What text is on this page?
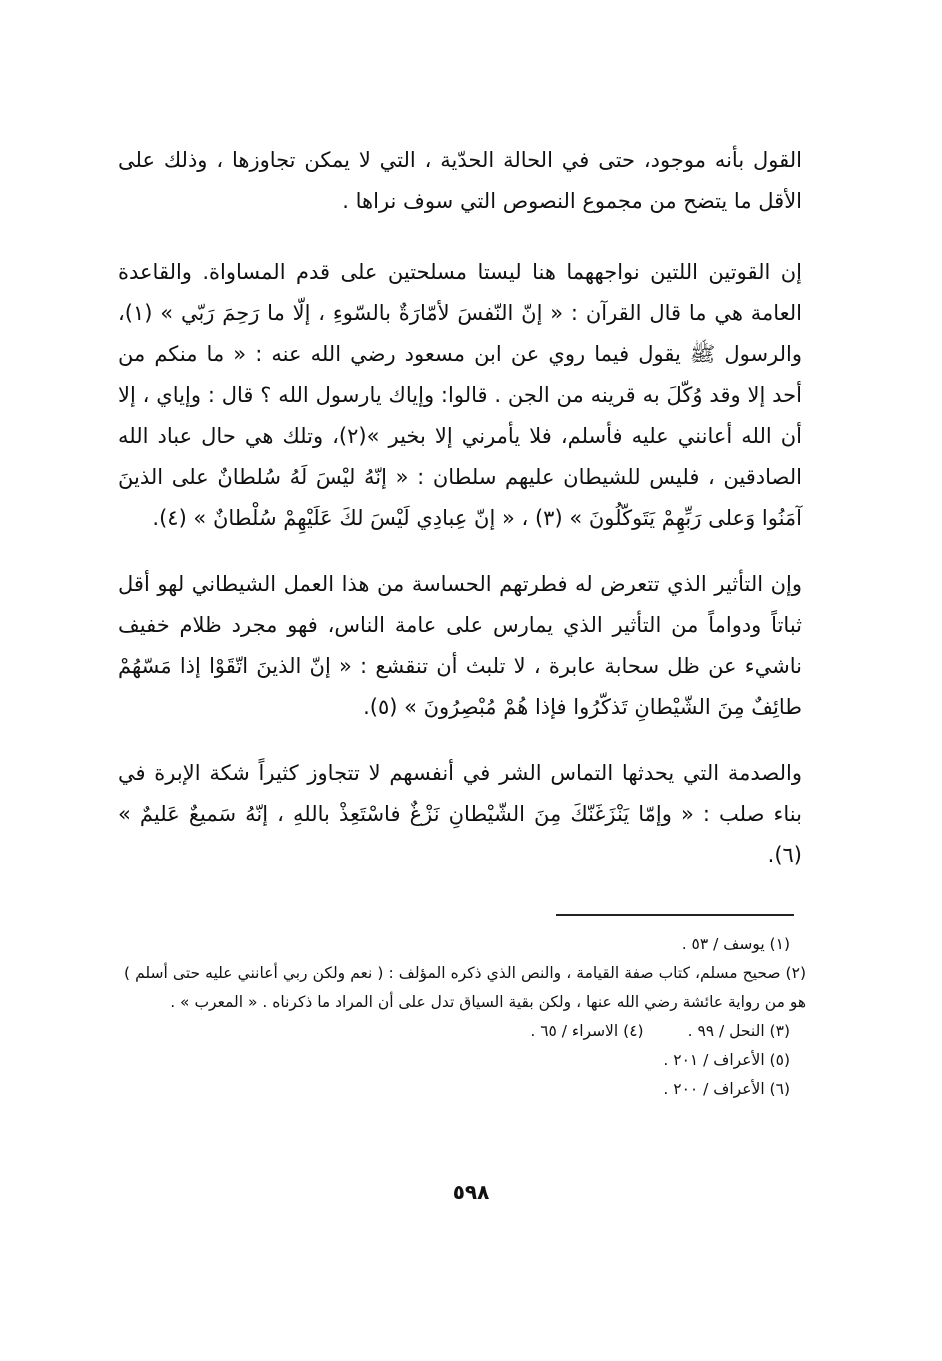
القول بأنه موجود، حتى في الحالة الحدّية ، التي لا يمكن تجاوزها ، وذلك على الأقل ما يتضح من مجموع النصوص التي سوف نراها .

إن القوتين اللتين نواجههما هنا ليستا مسلحتين على قدم المساواة. والقاعدة العامة هي ما قال القرآن : « إنّ النّفسَ لأمّارَةٌ بالسّوءِ ، إلّا ما رَحِمَ رَبّي » (١)، والرسول ﷺ يقول فيما روي عن ابن مسعود رضي الله عنه : « ما منكم من أحد إلا وقد وُكّلَ به قرينه من الجن . قالوا: وإياك يارسول الله ؟ قال : وإياي ، إلا أن الله أعانني عليه فأسلم، فلا يأمرني إلا بخير »(٢)، وتلك هي حال عباد الله الصادقين ، فليس للشيطان عليهم سلطان : « إنّهُ ليْسَ لَهُ سُلطانٌ على الذينَ آمَنُوا وَعلى رَبِّهِمْ يَتَوكّلُونَ » (٣) ، « إنّ عِبادِي لَيْسَ لكَ عَلَيْهِمْ سُلْطانٌ » (٤).

وإن التأثير الذي تتعرض له فطرتهم الحساسة من هذا العمل الشيطاني لهو أقل ثباتاً ودواماً من التأثير الذي يمارس على عامة الناس، فهو مجرد ظلام خفيف ناشيء عن ظل سحابة عابرة ، لا تلبث أن تنقشع : « إنّ الذينَ اتّقَوْا إذا مَسّهُمْ طائِفٌ مِنَ الشّيْطانِ تَذكّرُوا فإذا هُمْ مُبْصِرُونَ » (٥).

والصدمة التي يحدثها التماس الشر في أنفسهم لا تتجاوز كثيراً شكة الإبرة في بناء صلب : « وإمّا يَنْزَغَنّكَ مِنَ الشّيْطانِ نَزْغٌ فاسْتَعِذْ باللهِ ، إنّهُ سَميعٌ عَليمٌ » (٦).

(١) يوسف / ٥٣ .

(٢) صحيح مسلم، كتاب صفة القيامة ، والنص الذي ذكره المؤلف : ( نعم ولكن ربي أعانني عليه حتى أسلم ) هو من رواية عائشة رضي الله عنها ، ولكن بقية السياق تدل على أن المراد ما ذكرناه . « المعرب » .

(٣) النحل / ٩٩ .
(٤) الاسراء / ٦٥ .

(٥) الأعراف / ٢٠١ .

(٦) الأعراف / ٢٠٠ .

٥٩٨
